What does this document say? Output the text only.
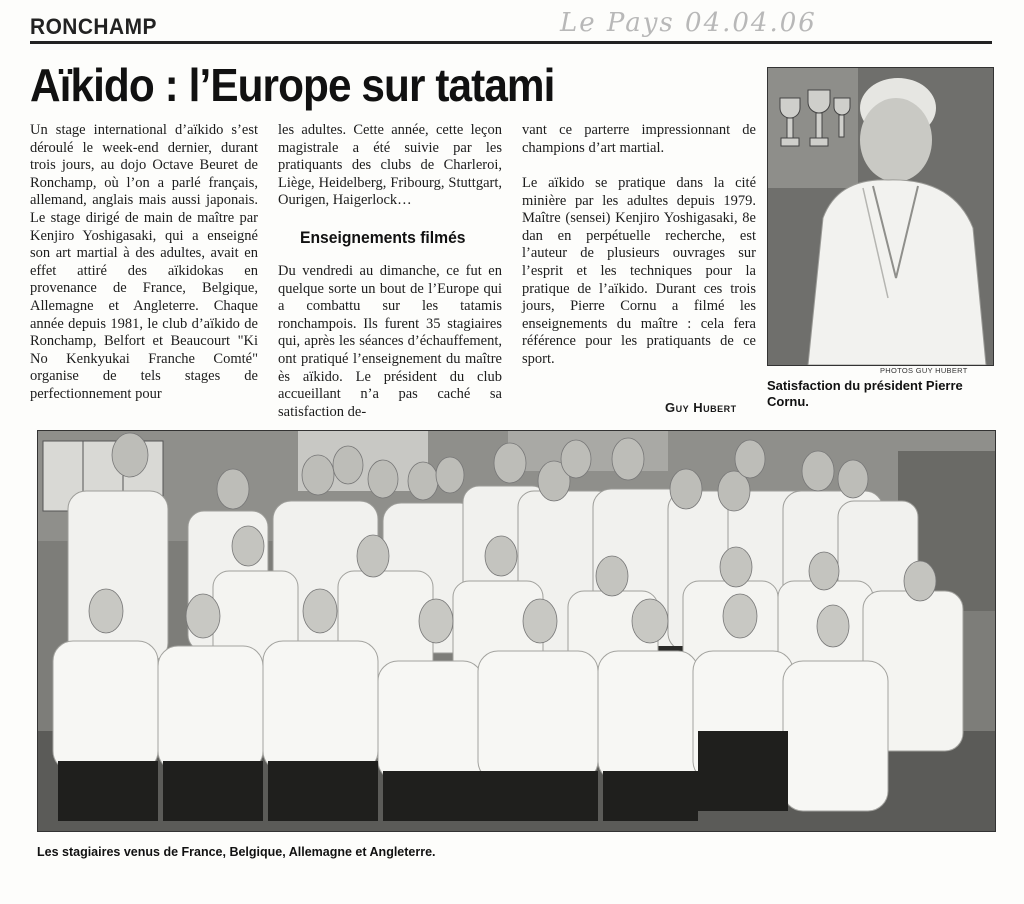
RONCHAMP	Le Pays 04.04.06
Aïkido : l’Europe sur tatami

Un stage international d’aïkido s’est déroulé le week-end dernier, durant trois jours, au dojo Octave Beuret de Ronchamp, où l’on a parlé français, allemand, anglais mais aussi japonais. Le stage dirigé de main de maître par Kenjiro Yoshigasaki, qui a enseigné son art martial à des adultes, avait en effet attiré des aïkidokas en provenance de France, Belgique, Allemagne et Angleterre. Chaque année depuis 1981, le club d’aïkido de Ronchamp, Belfort et Beaucourt "Ki No Kenkyukai Franche Comté" organise de tels stages de perfectionnement pour

les adultes. Cette année, cette leçon magistrale a été suivie par les pratiquants des clubs de Charleroi, Liège, Heidelberg, Fribourg, Stuttgart, Ourigen, Haigerlock…

Enseignements filmés

Du vendredi au dimanche, ce fut en quelque sorte un bout de l’Europe qui a combattu sur les tatamis ronchampois. Ils furent 35 stagiaires qui, après les séances d’échauffement, ont pratiqué l’enseignement du maître ès aïkido. Le président du club accueillant n’a pas caché sa satisfaction de-

vant ce parterre impressionnant de champions d’art martial.

Le aïkido se pratique dans la cité minière par les adultes depuis 1979. Maître (sensei) Kenjiro Yoshigasaki, 8e dan en perpétuelle recherche, est l’auteur de plusieurs ouvrages sur l’esprit et les techniques pour la pratique de l’aïkido. Durant ces trois jours, Pierre Cornu a filmé les enseignements du maître : cela fera référence pour les pratiquants de ce sport.

Guy Hubert
PHOTOS GUY HUBERT
Satisfaction du président Pierre Cornu.
Les stagiaires venus de France, Belgique, Allemagne et Angleterre.
